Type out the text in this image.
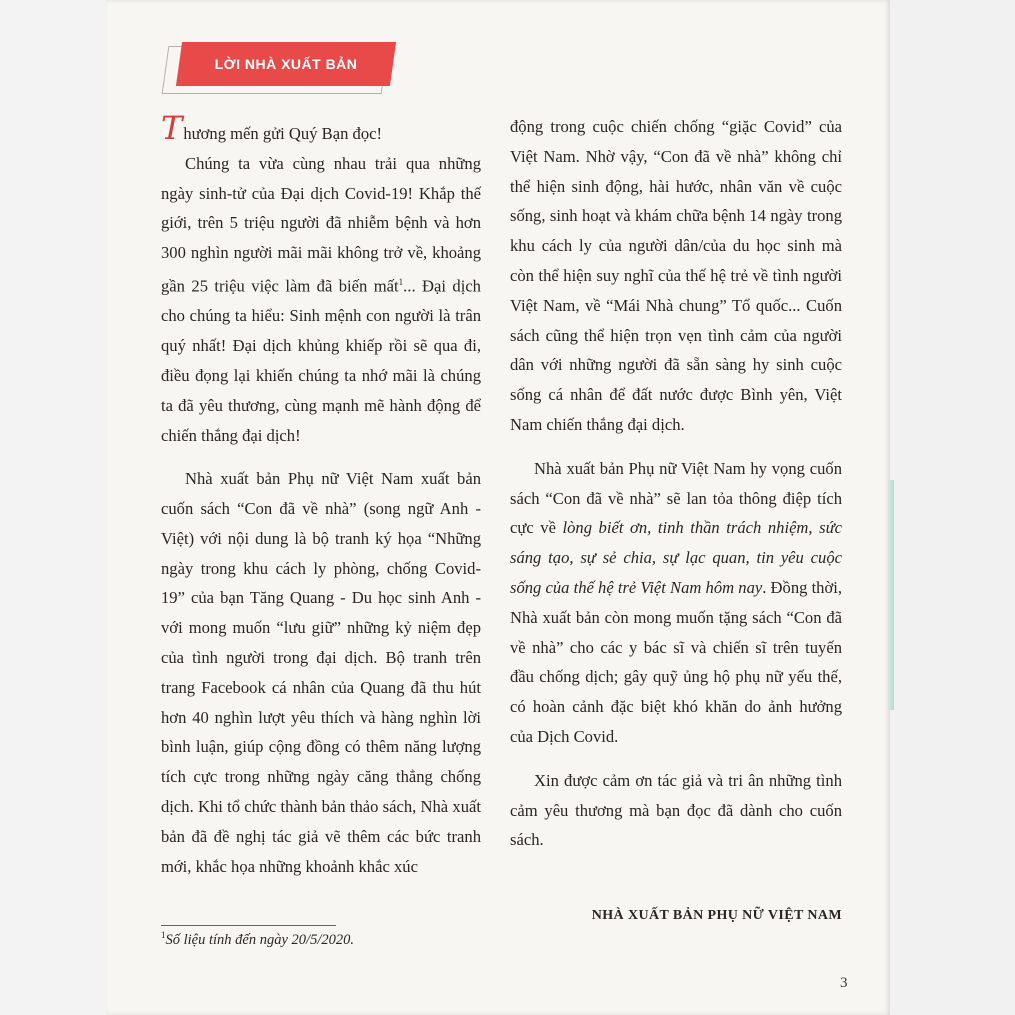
LỜI NHÀ XUẤT BẢN

Thương mến gửi Quý Bạn đọc!

Chúng ta vừa cùng nhau trải qua những ngày sinh-tử của Đại dịch Covid-19! Khắp thế giới, trên 5 triệu người đã nhiễm bệnh và hơn 300 nghìn người mãi mãi không trở về, khoảng gần 25 triệu việc làm đã biến mất$^1$... Đại dịch cho chúng ta hiểu: Sinh mệnh con người là trân quý nhất! Đại dịch khủng khiếp rồi sẽ qua đi, điều đọng lại khiến chúng ta nhớ mãi là chúng ta đã yêu thương, cùng mạnh mẽ hành động để chiến thắng đại dịch!

Nhà xuất bản Phụ nữ Việt Nam xuất bản cuốn sách “Con đã về nhà” (song ngữ Anh - Việt) với nội dung là bộ tranh ký họa “Những ngày trong khu cách ly phòng, chống Covid-19” của bạn Tăng Quang - Du học sinh Anh - với mong muốn “lưu giữ” những kỷ niệm đẹp của tình người trong đại dịch. Bộ tranh trên trang Facebook cá nhân của Quang đã thu hút hơn 40 nghìn lượt yêu thích và hàng nghìn lời bình luận, giúp cộng đồng có thêm năng lượng tích cực trong những ngày căng thẳng chống dịch. Khi tổ chức thành bản thảo sách, Nhà xuất bản đã đề nghị tác giả vẽ thêm các bức tranh mới, khắc họa những khoảnh khắc xúc

động trong cuộc chiến chống “giặc Covid” của Việt Nam. Nhờ vậy, “Con đã về nhà” không chỉ thể hiện sinh động, hài hước, nhân văn về cuộc sống, sinh hoạt và khám chữa bệnh 14 ngày trong khu cách ly của người dân/của du học sinh mà còn thể hiện suy nghĩ của thế hệ trẻ về tình người Việt Nam, về “Mái Nhà chung” Tổ quốc... Cuốn sách cũng thể hiện trọn vẹn tình cảm của người dân với những người đã sẵn sàng hy sinh cuộc sống cá nhân để đất nước được Bình yên, Việt Nam chiến thắng đại dịch.

Nhà xuất bản Phụ nữ Việt Nam hy vọng cuốn sách “Con đã về nhà” sẽ lan tỏa thông điệp tích cực về lòng biết ơn, tinh thần trách nhiệm, sức sáng tạo, sự sẻ chia, sự lạc quan, tin yêu cuộc sống của thế hệ trẻ Việt Nam hôm nay. Đồng thời, Nhà xuất bản còn mong muốn tặng sách “Con đã về nhà” cho các y bác sĩ và chiến sĩ trên tuyến đầu chống dịch; gây quỹ ủng hộ phụ nữ yếu thế, có hoàn cảnh đặc biệt khó khăn do ảnh hưởng của Dịch Covid.

Xin được cảm ơn tác giả và tri ân những tình cảm yêu thương mà bạn đọc đã dành cho cuốn sách.

NHÀ XUẤT BẢN PHỤ NỮ VIỆT NAM
$^1$Số liệu tính đến ngày 20/5/2020.
3
